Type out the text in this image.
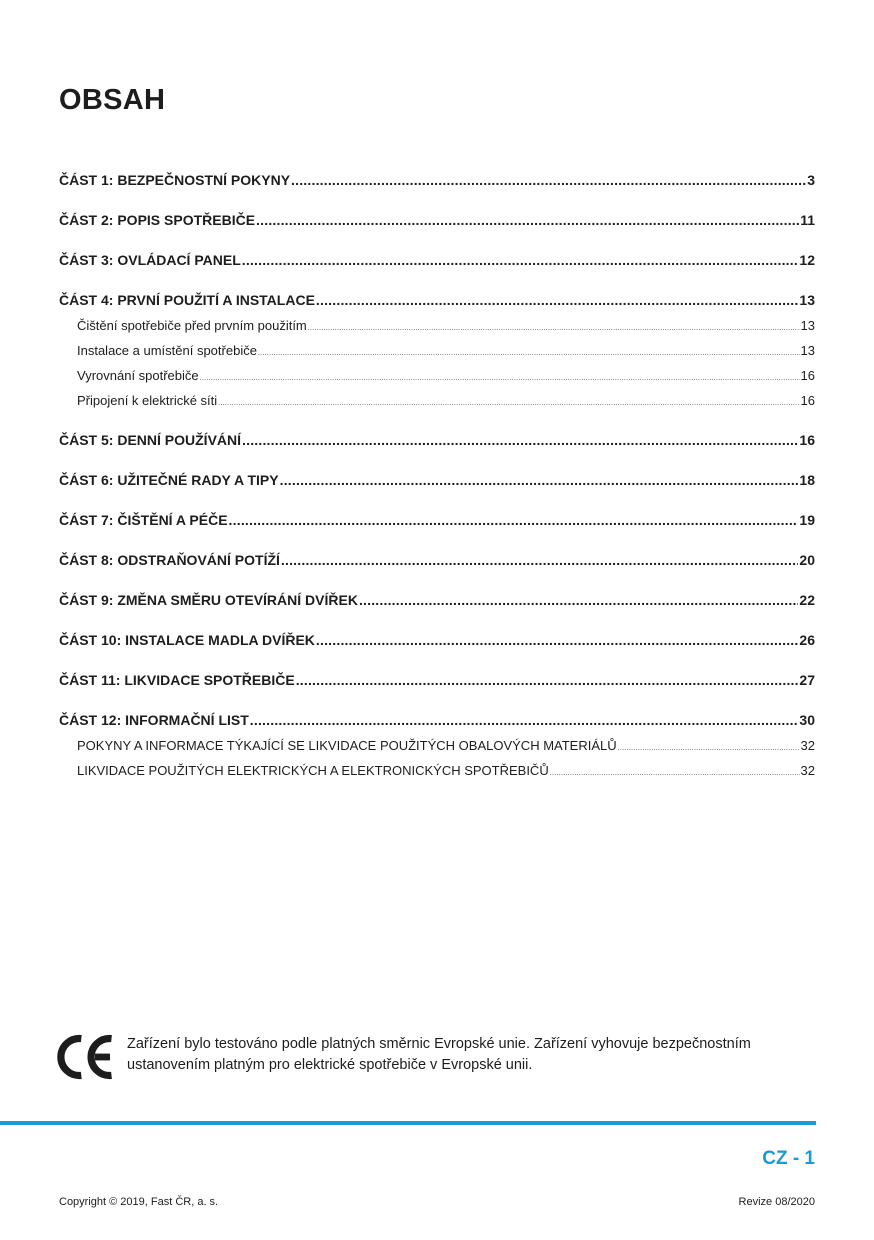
OBSAH
ČÁST 1: BEZPEČNOSTNÍ POKYNY .....	3
ČÁST 2: POPIS SPOTŘEBIČE .....	11
ČÁST 3: OVLÁDACÍ PANEL .....	12
ČÁST 4: PRVNÍ POUŽITÍ A INSTALACE .....	13
Čištění spotřebiče před prvním použitím .....	13
Instalace a umístění spotřebiče .....	13
Vyrovnání spotřebiče .....	16
Připojení k elektrické síti .....	16
ČÁST 5: DENNÍ POUŽÍVÁNÍ .....	16
ČÁST 6: UŽITEČNÉ RADY A TIPY .....	18
ČÁST 7: ČIŠTĚNÍ A PÉČE .....	19
ČÁST 8: ODSTRAŇOVÁNÍ POTÍŽÍ .....	20
ČÁST 9: ZMĚNA SMĚRU OTEVÍRÁNÍ DVÍŘEK .....	22
ČÁST 10: INSTALACE MADLA DVÍŘEK .....	26
ČÁST 11: LIKVIDACE SPOTŘEBIČE .....	27
ČÁST 12: INFORMAČNÍ LIST .....	30
POKYNY A INFORMACE TÝKAJÍCÍ SE LIKVIDACE POUŽITÝCH OBALOVÝCH MATERIÁLŮ .....	32
LIKVIDACE POUŽITÝCH ELEKTRICKÝCH A ELEKTRONICKÝCH SPOTŘEBIČŮ .....	32
Zařízení bylo testováno podle platných směrnic Evropské unie. Zařízení vyhovuje bezpečnostním ustanovením platným pro elektrické spotřebiče v Evropské unii.
CZ - 1
Copyright © 2019, Fast ČR, a. s.	Revize 08/2020
